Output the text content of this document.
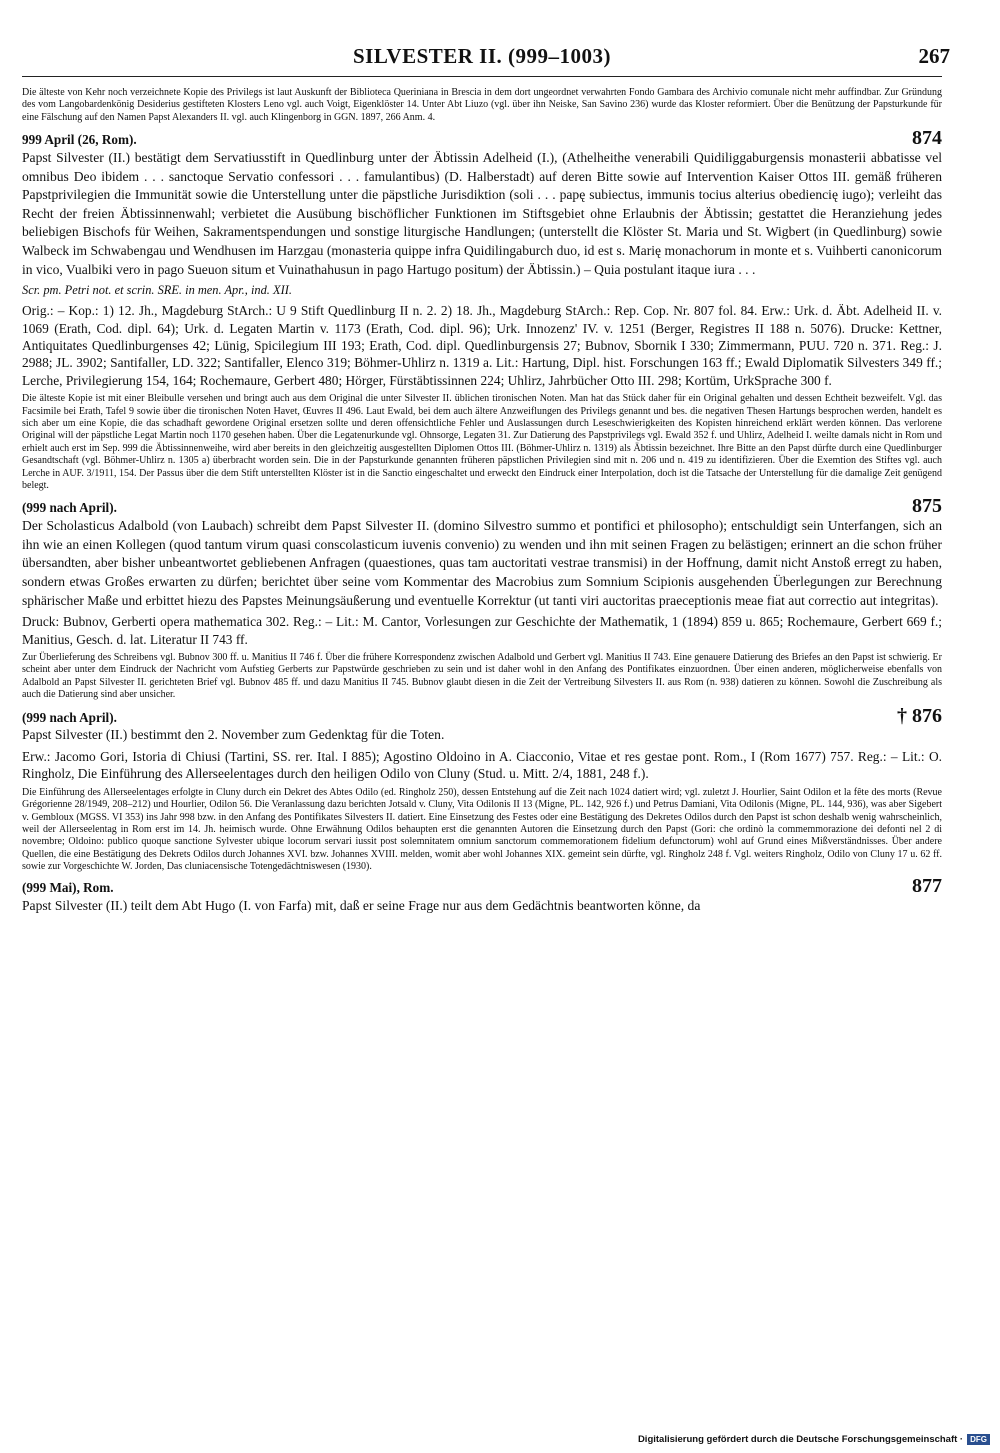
SILVESTER II. (999–1003)	267

Die älteste von Kehr noch verzeichnete Kopie des Privilegs ist laut Auskunft der Biblioteca Queriniana in Brescia in dem dort ungeordnet verwahrten Fondo Gambara des Archivio comunale nicht mehr auffindbar. Zur Gründung des vom Langobardenkönig Desiderius gestifteten Klosters Leno vgl. auch Voigt, Eigenklöster 14. Unter Abt Liuzo (vgl. über ihn Neiske, San Savino 236) wurde das Kloster reformiert. Über die Benützung der Papsturkunde für eine Fälschung auf den Namen Papst Alexanders II. vgl. auch Klingenborg in GGN. 1897, 266 Anm. 4.

999 April (26, Rom).	874

Papst Silvester (II.) bestätigt dem Servatiusstift in Quedlinburg unter der Äbtissin Adelheid (I.), (Athelheithe venerabili Quidiliggaburgensis monasterii abbatisse vel omnibus Deo ibidem . . . sanctoque Servatio confessori . . . famulantibus) (D. Halberstadt) auf deren Bitte sowie auf Intervention Kaiser Ottos III. gemäß früheren Papstprivilegien die Immunität sowie die Unterstellung unter die päpstliche Jurisdiktion (soli . . . papę subiectus, immunis tocius alterius obediencię iugo); verleiht das Recht der freien Äbtissinnenwahl; verbietet die Ausübung bischöflicher Funktionen im Stiftsgebiet ohne Erlaubnis der Äbtissin; gestattet die Heranziehung jedes beliebigen Bischofs für Weihen, Sakramentspendungen und sonstige liturgische Handlungen; (unterstellt die Klöster St. Maria und St. Wigbert (in Quedlinburg) sowie Walbeck im Schwabengau und Wendhusen im Harzgau (monasteria quippe infra Quidilingaburch duo, id est s. Marię monachorum in monte et s. Vuihberti canonicorum in vico, Vualbiki vero in pago Sueuon situm et Vuinathahusun in pago Hartugo positum) der Äbtissin.) – Quia postulant itaque iura . . .

Scr. pm. Petri not. et scrin. SRE. in men. Apr., ind. XII.

Orig.: – Kop.: 1) 12. Jh., Magdeburg StArch.: U 9 Stift Quedlinburg II n. 2. 2) 18. Jh., Magdeburg StArch.: Rep. Cop. Nr. 807 fol. 84. Erw.: Urk. d. Äbt. Adelheid II. v. 1069 (Erath, Cod. dipl. 64); Urk. d. Legaten Martin v. 1173 (Erath, Cod. dipl. 96); Urk. Innozenz' IV. v. 1251 (Berger, Registres II 188 n. 5076). Drucke: Kettner, Antiquitates Quedlinburgenses 42; Lünig, Spicilegium III 193; Erath, Cod. dipl. Quedlinburgensis 27; Bubnov, Sbornik I 330; Zimmermann, PUU. 720 n. 371. Reg.: J. 2988; JL. 3902; Santifaller, LD. 322; Santifaller, Elenco 319; Böhmer-Uhlirz n. 1319 a. Lit.: Hartung, Dipl. hist. Forschungen 163 ff.; Ewald Diplomatik Silvesters 349 ff.; Lerche, Privilegierung 154, 164; Rochemaure, Gerbert 480; Hörger, Fürstäbtissinnen 224; Uhlirz, Jahrbücher Otto III. 298; Kortüm, UrkSprache 300 f.

Die älteste Kopie ist mit einer Bleibulle versehen und bringt auch aus dem Original die unter Silvester II. üblichen tironischen Noten. Man hat das Stück daher für ein Original gehalten und dessen Echtheit bezweifelt. Vgl. das Facsimile bei Erath, Tafel 9 sowie über die tironischen Noten Havet, Œuvres II 496. Laut Ewald, bei dem auch ältere Anzweiflungen des Privilegs genannt und bes. die negativen Thesen Hartungs besprochen werden, handelt es sich aber um eine Kopie, die das schadhaft gewordene Original ersetzen sollte und deren offensichtliche Fehler und Auslassungen durch Leseschwierigkeiten des Kopisten hinreichend erklärt werden können. Das verlorene Original will der päpstliche Legat Martin noch 1170 gesehen haben. Über die Legatenurkunde vgl. Ohnsorge, Legaten 31. Zur Datierung des Papstprivilegs vgl. Ewald 352 f. und Uhlirz, Adelheid I. weilte damals nicht in Rom und erhielt auch erst im Sep. 999 die Äbtissinnenweihe, wird aber bereits in den gleichzeitig ausgestellten Diplomen Ottos III. (Böhmer-Uhlirz n. 1319) als Äbtissin bezeichnet. Ihre Bitte an den Papst dürfte durch eine Quedlinburger Gesandtschaft (vgl. Böhmer-Uhlirz n. 1305 a) überbracht worden sein. Die in der Papsturkunde genannten früheren päpstlichen Privilegien sind mit n. 206 und n. 419 zu identifizieren. Über die Exemtion des Stiftes vgl. auch Lerche in AUF. 3/1911, 154. Der Passus über die dem Stift unterstellten Klöster ist in die Sanctio eingeschaltet und erweckt den Eindruck einer Interpolation, doch ist die Tatsache der Unterstellung für die damalige Zeit genügend belegt.

(999 nach April).	875

Der Scholasticus Adalbold (von Laubach) schreibt dem Papst Silvester II. (domino Silvestro summo et pontifici et philosopho); entschuldigt sein Unterfangen, sich an ihn wie an einen Kollegen (quod tantum virum quasi conscolasticum iuvenis convenio) zu wenden und ihn mit seinen Fragen zu belästigen; erinnert an die schon früher übersandten, aber bisher unbeantwortet gebliebenen Anfragen (quaestiones, quas tam auctoritati vestrae transmisi) in der Hoffnung, damit nicht Anstoß erregt zu haben, sondern etwas Großes erwarten zu dürfen; berichtet über seine vom Kommentar des Macrobius zum Somnium Scipionis ausgehenden Überlegungen zur Berechnung sphärischer Maße und erbittet hiezu des Papstes Meinungsäußerung und eventuelle Korrektur (ut tanti viri auctoritas praeceptionis meae fiat aut correctio aut integritas).

Druck: Bubnov, Gerberti opera mathematica 302. Reg.: – Lit.: M. Cantor, Vorlesungen zur Geschichte der Mathematik, 1 (1894) 859 u. 865; Rochemaure, Gerbert 669 f.; Manitius, Gesch. d. lat. Literatur II 743 ff.

Zur Überlieferung des Schreibens vgl. Bubnov 300 ff. u. Manitius II 746 f. Über die frühere Korrespondenz zwischen Adalbold und Gerbert vgl. Manitius II 743. Eine genauere Datierung des Briefes an den Papst ist schwierig. Er scheint aber unter dem Eindruck der Nachricht vom Aufstieg Gerberts zur Papstwürde geschrieben zu sein und ist daher wohl in den Anfang des Pontifikates einzuordnen. Über einen anderen, möglicherweise ebenfalls von Adalbold an Papst Silvester II. gerichteten Brief vgl. Bubnov 485 ff. und dazu Manitius II 745. Bubnov glaubt diesen in die Zeit der Vertreibung Silvesters II. aus Rom (n. 938) datieren zu können. Sowohl die Zuschreibung als auch die Datierung sind aber unsicher.

(999 nach April).	† 876

Papst Silvester (II.) bestimmt den 2. November zum Gedenktag für die Toten.

Erw.: Jacomo Gori, Istoria di Chiusi (Tartini, SS. rer. Ital. I 885); Agostino Oldoino in A. Ciacconio, Vitae et res gestae pont. Rom., I (Rom 1677) 757. Reg.: – Lit.: O. Ringholz, Die Einführung des Allerseelentages durch den heiligen Odilo von Cluny (Stud. u. Mitt. 2/4, 1881, 248 f.).

Die Einführung des Allerseelentages erfolgte in Cluny durch ein Dekret des Abtes Odilo (ed. Ringholz 250), dessen Entstehung auf die Zeit nach 1024 datiert wird; vgl. zuletzt J. Hourlier, Saint Odilon et la fête des morts (Revue Grégorienne 28/1949, 208–212) und Hourlier, Odilon 56. Die Veranlassung dazu berichten Jotsald v. Cluny, Vita Odilonis II 13 (Migne, PL. 142, 926 f.) und Petrus Damiani, Vita Odilonis (Migne, PL. 144, 936), was aber Sigebert v. Gembloux (MGSS. VI 353) ins Jahr 998 bzw. in den Anfang des Pontifikates Silvesters II. datiert. Eine Einsetzung des Festes oder eine Bestätigung des Dekretes Odilos durch den Papst ist schon deshalb wenig wahrscheinlich, weil der Allerseelentag in Rom erst im 14. Jh. heimisch wurde. Ohne Erwähnung Odilos behaupten erst die genannten Autoren die Einsetzung durch den Papst (Gori: che ordinò la commemmorazione dei defonti nel 2 di novembre; Oldoino: publico quoque sanctione Sylvester ubique locorum servari iussit post solemnitatem omnium sanctorum commemorationem fidelium defunctorum) wohl auf Grund eines Mißverständnisses. Über andere Quellen, die eine Bestätigung des Dekrets Odilos durch Johannes XVI. bzw. Johannes XVIII. melden, womit aber wohl Johannes XIX. gemeint sein dürfte, vgl. Ringholz 248 f. Vgl. weiters Ringholz, Odilo von Cluny 17 u. 62 ff. sowie zur Vorgeschichte W. Jorden, Das cluniacensische Totengedächtniswesen (1930).

(999 Mai), Rom.	877

Papst Silvester (II.) teilt dem Abt Hugo (I. von Farfa) mit, daß er seine Frage nur aus dem Gedächtnis beantworten könne, da

Digitalisierung gefördert durch die Deutsche Forschungsgemeinschaft · DFG
